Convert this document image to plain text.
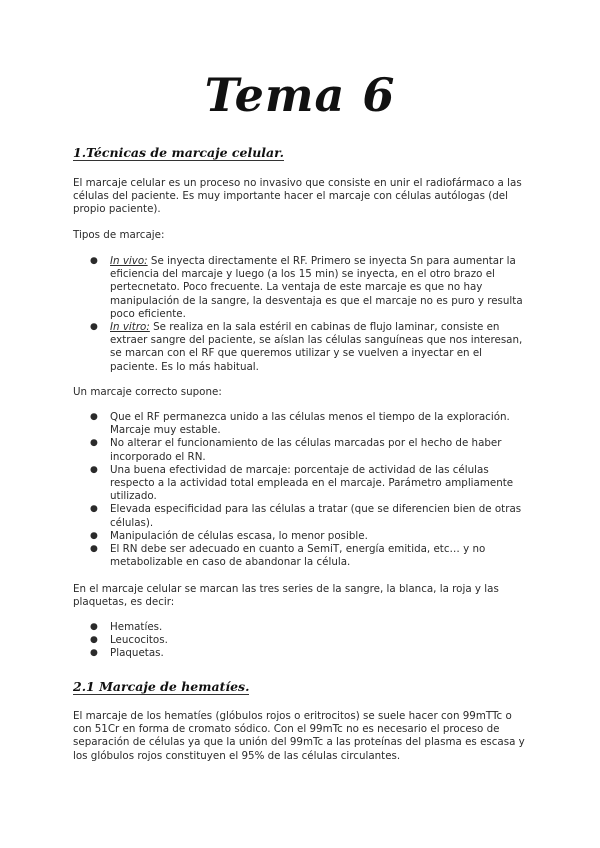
Tema 6
1.Técnicas de marcaje celular.

El marcaje celular es un proceso no invasivo que consiste en unir el radiofármaco a las células del paciente. Es muy importante hacer el marcaje con células autólogas (del propio paciente).

Tipos de marcaje:

● In vivo: Se inyecta directamente el RF. Primero se inyecta Sn para aumentar la eficiencia del marcaje y luego (a los 15 min) se inyecta, en el otro brazo el pertecnetato. Poco frecuente. La ventaja de este marcaje es que no hay manipulación de la sangre, la desventaja es que el marcaje no es puro y resulta poco eficiente.
● In vitro: Se realiza en la sala estéril en cabinas de flujo laminar, consiste en extraer sangre del paciente, se aíslan las células sanguíneas que nos interesan, se marcan con el RF que queremos utilizar y se vuelven a inyectar en el paciente. Es lo más habitual.

Un marcaje correcto supone:

● Que el RF permanezca unido a las células menos el tiempo de la exploración. Marcaje muy estable.
● No alterar el funcionamiento de las células marcadas por el hecho de haber incorporado el RN.
● Una buena efectividad de marcaje: porcentaje de actividad de las células respecto a la actividad total empleada en el marcaje. Parámetro ampliamente utilizado.
● Elevada especificidad para las células a tratar (que se diferencien bien de otras células).
● Manipulación de células escasa, lo menor posible.
● El RN debe ser adecuado en cuanto a SemiT, energía emitida, etc… y no metabolizable en caso de abandonar la célula.

En el marcaje celular se marcan las tres series de la sangre, la blanca, la roja y las plaquetas, es decir:

● Hematíes.
● Leucocitos.
● Plaquetas.
2.1 Marcaje de hematíes.

El marcaje de los hematíes (glóbulos rojos o eritrocitos) se suele hacer con 99mTTc o con 51Cr en forma de cromato sódico. Con el 99mTc no es necesario el proceso de separación de células ya que la unión del 99mTc a las proteínas del plasma es escasa y los glóbulos rojos constituyen el 95% de las células circulantes.
